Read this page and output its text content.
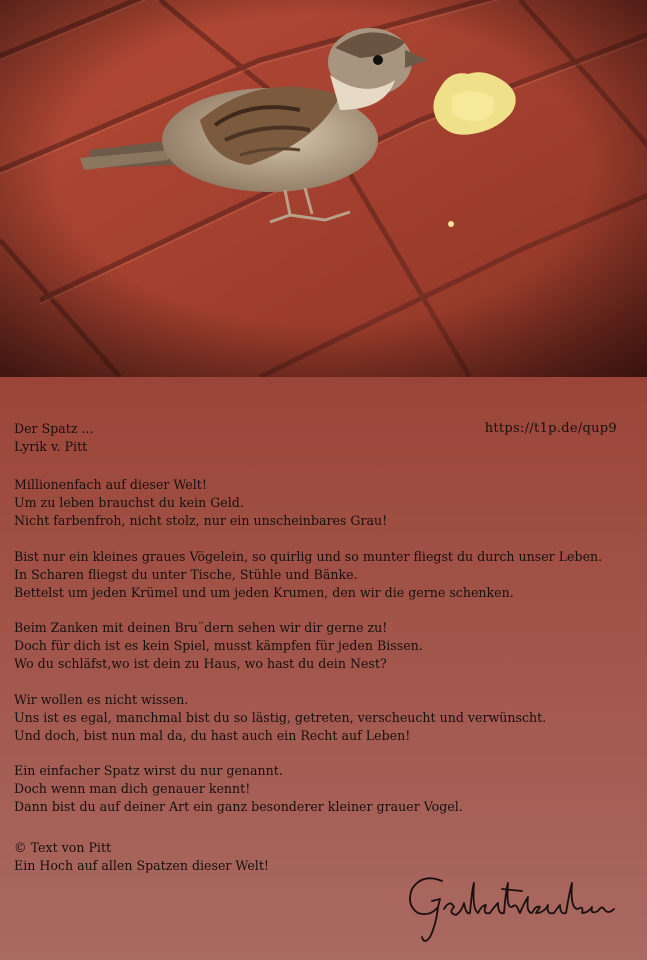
Der Spatz ...
Lyrik v. Pitt
https://t1p.de/qup9
Millionenfach auf dieser Welt!
Um zu leben brauchst du kein Geld.
Nicht farbenfroh, nicht stolz, nur ein unscheinbares Grau!
Bist nur ein kleines graues Vögelein, so quirlig und so munter fliegst du durch unser Leben.
In Scharen fliegst du unter Tische, Stühle und Bänke.
Bettelst um jeden Krümel und um jeden Krumen, den wir die gerne schenken.
Beim Zanken mit deinen Bru¨dern sehen wir dir gerne zu!
Doch für dich ist es kein Spiel, musst kämpfen für jeden Bissen.
Wo du schläfst,wo ist dein zu Haus, wo hast du dein Nest?
Wir wollen es nicht wissen.
Uns ist es egal, manchmal bist du so lästig, getreten, verscheucht und verwünscht.
Und doch, bist nun mal da, du hast auch ein Recht auf Leben!
Ein einfacher Spatz wirst du nur genannt.
Doch wenn man dich genauer kennt!
Dann bist du auf deiner Art ein ganz besonderer kleiner grauer Vogel.
© Text von Pitt
Ein Hoch auf allen Spatzen dieser Welt!
